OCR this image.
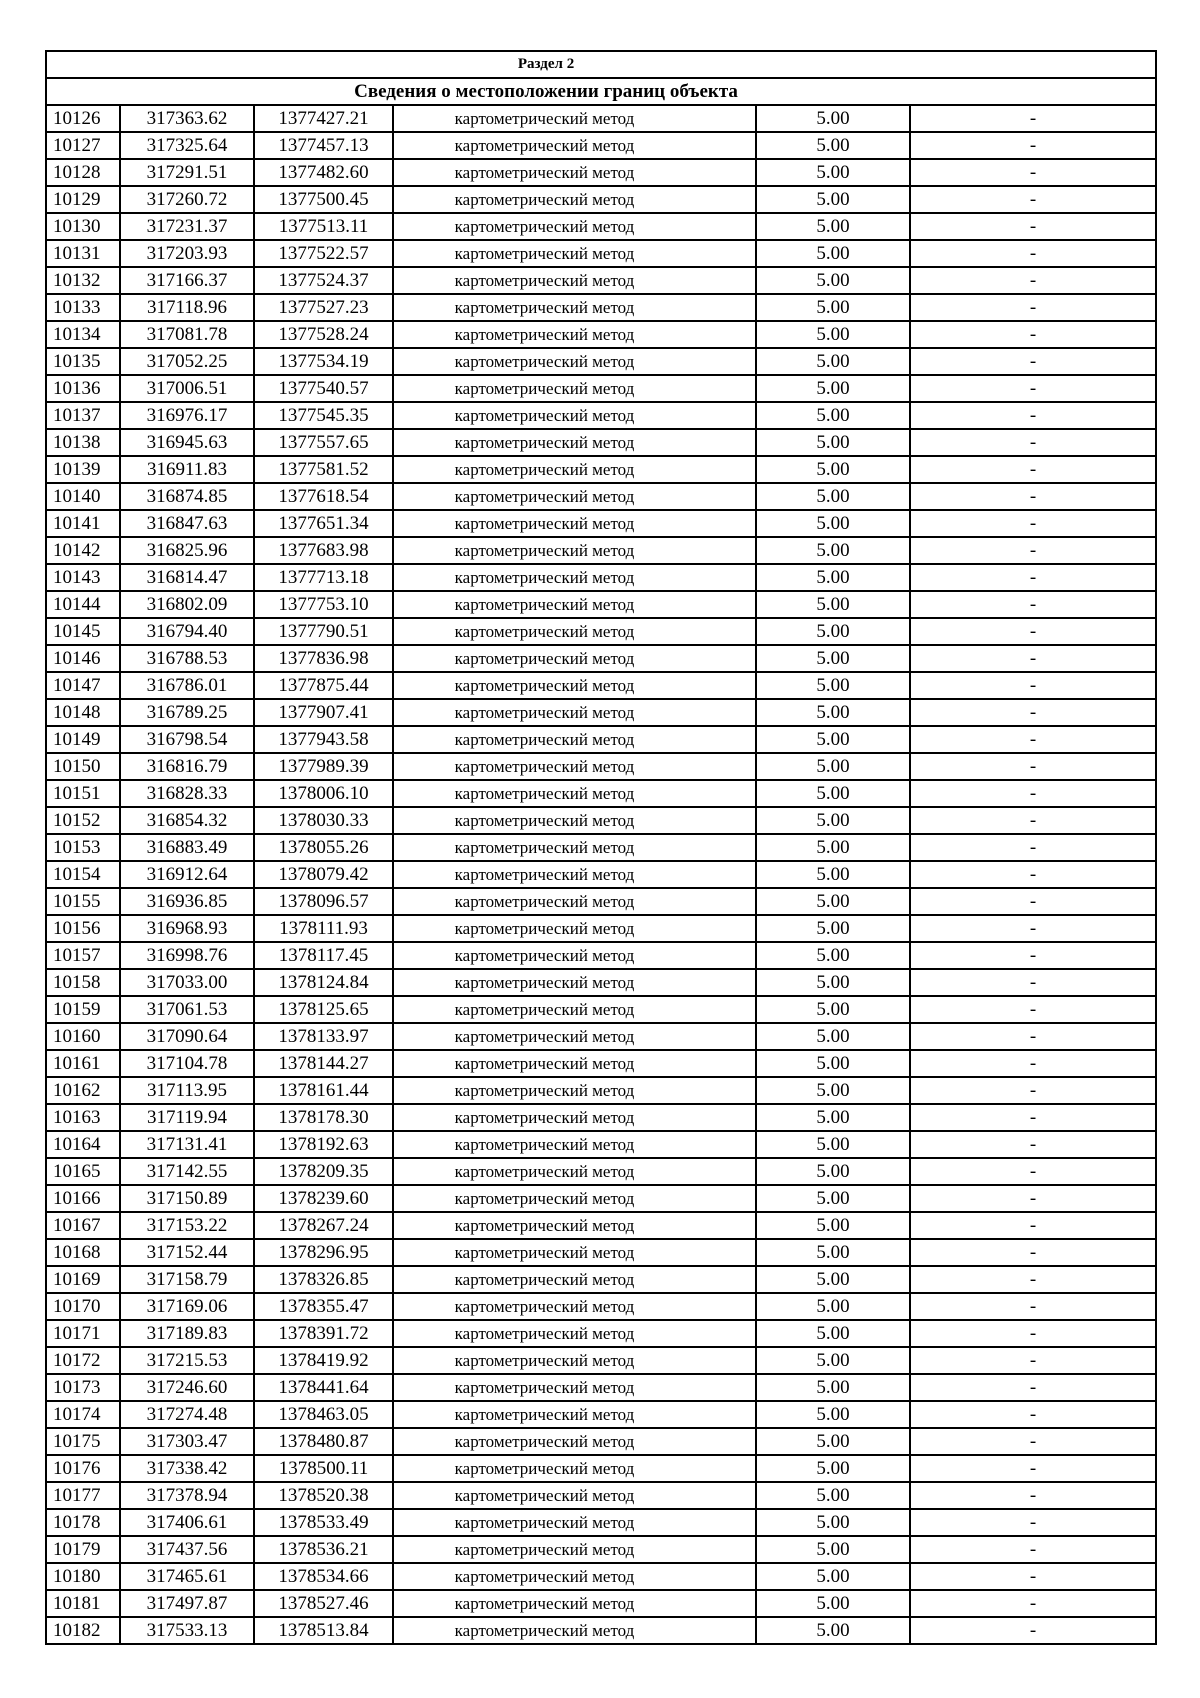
Раздел 2					
Сведения о местоположении границ объекта					
10126	317363.62	1377427.21	картометрический метод	5.00	-
10127	317325.64	1377457.13	картометрический метод	5.00	-
10128	317291.51	1377482.60	картометрический метод	5.00	-
10129	317260.72	1377500.45	картометрический метод	5.00	-
10130	317231.37	1377513.11	картометрический метод	5.00	-
10131	317203.93	1377522.57	картометрический метод	5.00	-
10132	317166.37	1377524.37	картометрический метод	5.00	-
10133	317118.96	1377527.23	картометрический метод	5.00	-
10134	317081.78	1377528.24	картометрический метод	5.00	-
10135	317052.25	1377534.19	картометрический метод	5.00	-
10136	317006.51	1377540.57	картометрический метод	5.00	-
10137	316976.17	1377545.35	картометрический метод	5.00	-
10138	316945.63	1377557.65	картометрический метод	5.00	-
10139	316911.83	1377581.52	картометрический метод	5.00	-
10140	316874.85	1377618.54	картометрический метод	5.00	-
10141	316847.63	1377651.34	картометрический метод	5.00	-
10142	316825.96	1377683.98	картометрический метод	5.00	-
10143	316814.47	1377713.18	картометрический метод	5.00	-
10144	316802.09	1377753.10	картометрический метод	5.00	-
10145	316794.40	1377790.51	картометрический метод	5.00	-
10146	316788.53	1377836.98	картометрический метод	5.00	-
10147	316786.01	1377875.44	картометрический метод	5.00	-
10148	316789.25	1377907.41	картометрический метод	5.00	-
10149	316798.54	1377943.58	картометрический метод	5.00	-
10150	316816.79	1377989.39	картометрический метод	5.00	-
10151	316828.33	1378006.10	картометрический метод	5.00	-
10152	316854.32	1378030.33	картометрический метод	5.00	-
10153	316883.49	1378055.26	картометрический метод	5.00	-
10154	316912.64	1378079.42	картометрический метод	5.00	-
10155	316936.85	1378096.57	картометрический метод	5.00	-
10156	316968.93	1378111.93	картометрический метод	5.00	-
10157	316998.76	1378117.45	картометрический метод	5.00	-
10158	317033.00	1378124.84	картометрический метод	5.00	-
10159	317061.53	1378125.65	картометрический метод	5.00	-
10160	317090.64	1378133.97	картометрический метод	5.00	-
10161	317104.78	1378144.27	картометрический метод	5.00	-
10162	317113.95	1378161.44	картометрический метод	5.00	-
10163	317119.94	1378178.30	картометрический метод	5.00	-
10164	317131.41	1378192.63	картометрический метод	5.00	-
10165	317142.55	1378209.35	картометрический метод	5.00	-
10166	317150.89	1378239.60	картометрический метод	5.00	-
10167	317153.22	1378267.24	картометрический метод	5.00	-
10168	317152.44	1378296.95	картометрический метод	5.00	-
10169	317158.79	1378326.85	картометрический метод	5.00	-
10170	317169.06	1378355.47	картометрический метод	5.00	-
10171	317189.83	1378391.72	картометрический метод	5.00	-
10172	317215.53	1378419.92	картометрический метод	5.00	-
10173	317246.60	1378441.64	картометрический метод	5.00	-
10174	317274.48	1378463.05	картометрический метод	5.00	-
10175	317303.47	1378480.87	картометрический метод	5.00	-
10176	317338.42	1378500.11	картометрический метод	5.00	-
10177	317378.94	1378520.38	картометрический метод	5.00	-
10178	317406.61	1378533.49	картометрический метод	5.00	-
10179	317437.56	1378536.21	картометрический метод	5.00	-
10180	317465.61	1378534.66	картометрический метод	5.00	-
10181	317497.87	1378527.46	картометрический метод	5.00	-
10182	317533.13	1378513.84	картометрический метод	5.00	-
